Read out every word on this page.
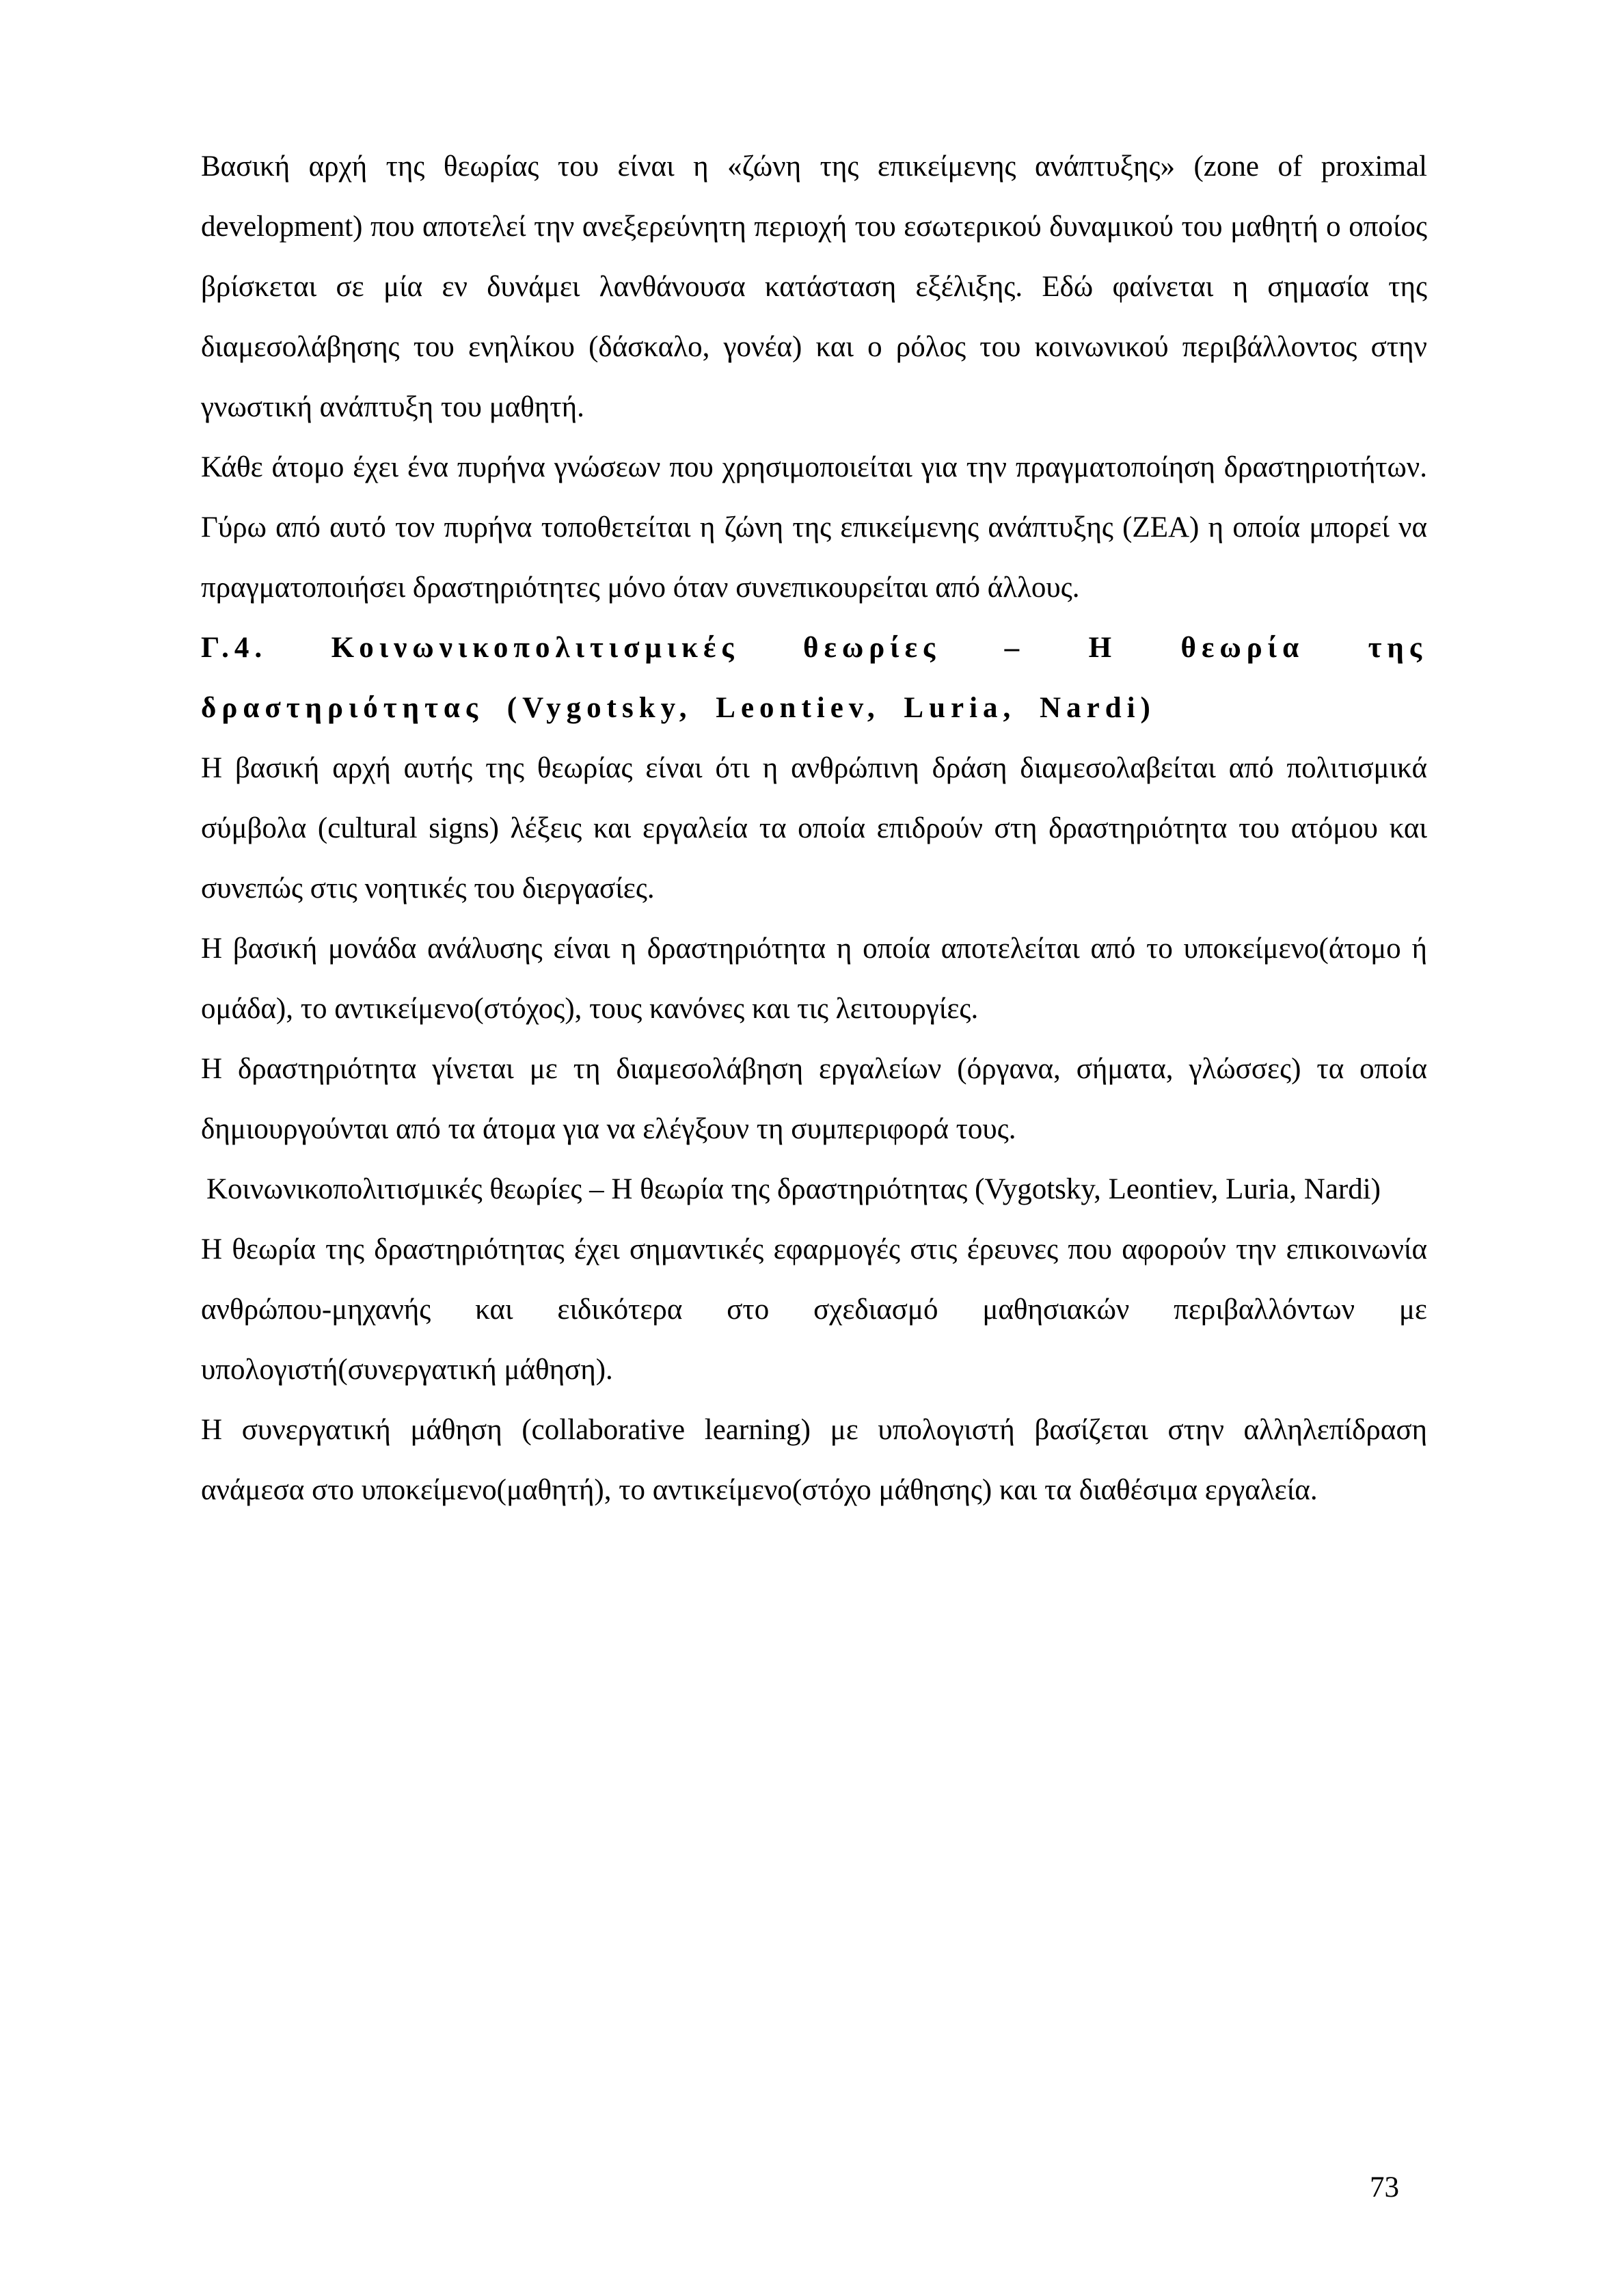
Βασική αρχή της θεωρίας του είναι η «ζώνη της επικείμενης ανάπτυξης» (zone of proximal development) που αποτελεί την ανεξερεύνητη περιοχή του εσωτερικού δυναμικού του μαθητή ο οποίος βρίσκεται σε μία εν δυνάμει λανθάνουσα κατάσταση εξέλιξης. Εδώ φαίνεται η σημασία της διαμεσολάβησης του ενηλίκου (δάσκαλο, γονέα) και ο ρόλος του κοινωνικού περιβάλλοντος στην γνωστική ανάπτυξη του μαθητή.

Κάθε άτομο έχει ένα πυρήνα γνώσεων που χρησιμοποιείται για την πραγματοποίηση δραστηριοτήτων. Γύρω από αυτό τον πυρήνα τοποθετείται η ζώνη της επικείμενης ανάπτυξης (ΖΕΑ) η οποία μπορεί να πραγματοποιήσει δραστηριότητες μόνο όταν συνεπικουρείται από άλλους.

Γ.4. Κοινωνικοπολιτισμικές θεωρίες – Η θεωρία της δραστηριότητας (Vygotsky, Leontiev, Luria, Nardi)

Η βασική αρχή αυτής της θεωρίας είναι ότι η ανθρώπινη δράση διαμεσολαβείται από πολιτισμικά σύμβολα (cultural signs) λέξεις και εργαλεία τα οποία επιδρούν στη δραστηριότητα του ατόμου και συνεπώς στις νοητικές του διεργασίες.

Η βασική μονάδα ανάλυσης είναι η δραστηριότητα η οποία αποτελείται από το υποκείμενο(άτομο ή ομάδα), το αντικείμενο(στόχος), τους κανόνες και τις λειτουργίες.

Η δραστηριότητα γίνεται με τη διαμεσολάβηση εργαλείων (όργανα, σήματα, γλώσσες) τα οποία δημιουργούνται από τα άτομα για να ελέγξουν τη συμπεριφορά τους.

Κοινωνικοπολιτισμικές θεωρίες – Η θεωρία της δραστηριότητας (Vygotsky, Leontiev, Luria, Nardi)

Η θεωρία της δραστηριότητας έχει σημαντικές εφαρμογές στις έρευνες που αφορούν την επικοινωνία ανθρώπου-μηχανής και ειδικότερα στο σχεδιασμό μαθησιακών περιβαλλόντων με υπολογιστή(συνεργατική μάθηση).

Η συνεργατική μάθηση (collaborative learning) με υπολογιστή βασίζεται στην αλληλεπίδραση ανάμεσα στο υποκείμενο(μαθητή), το αντικείμενο(στόχο μάθησης) και τα διαθέσιμα εργαλεία.

73
